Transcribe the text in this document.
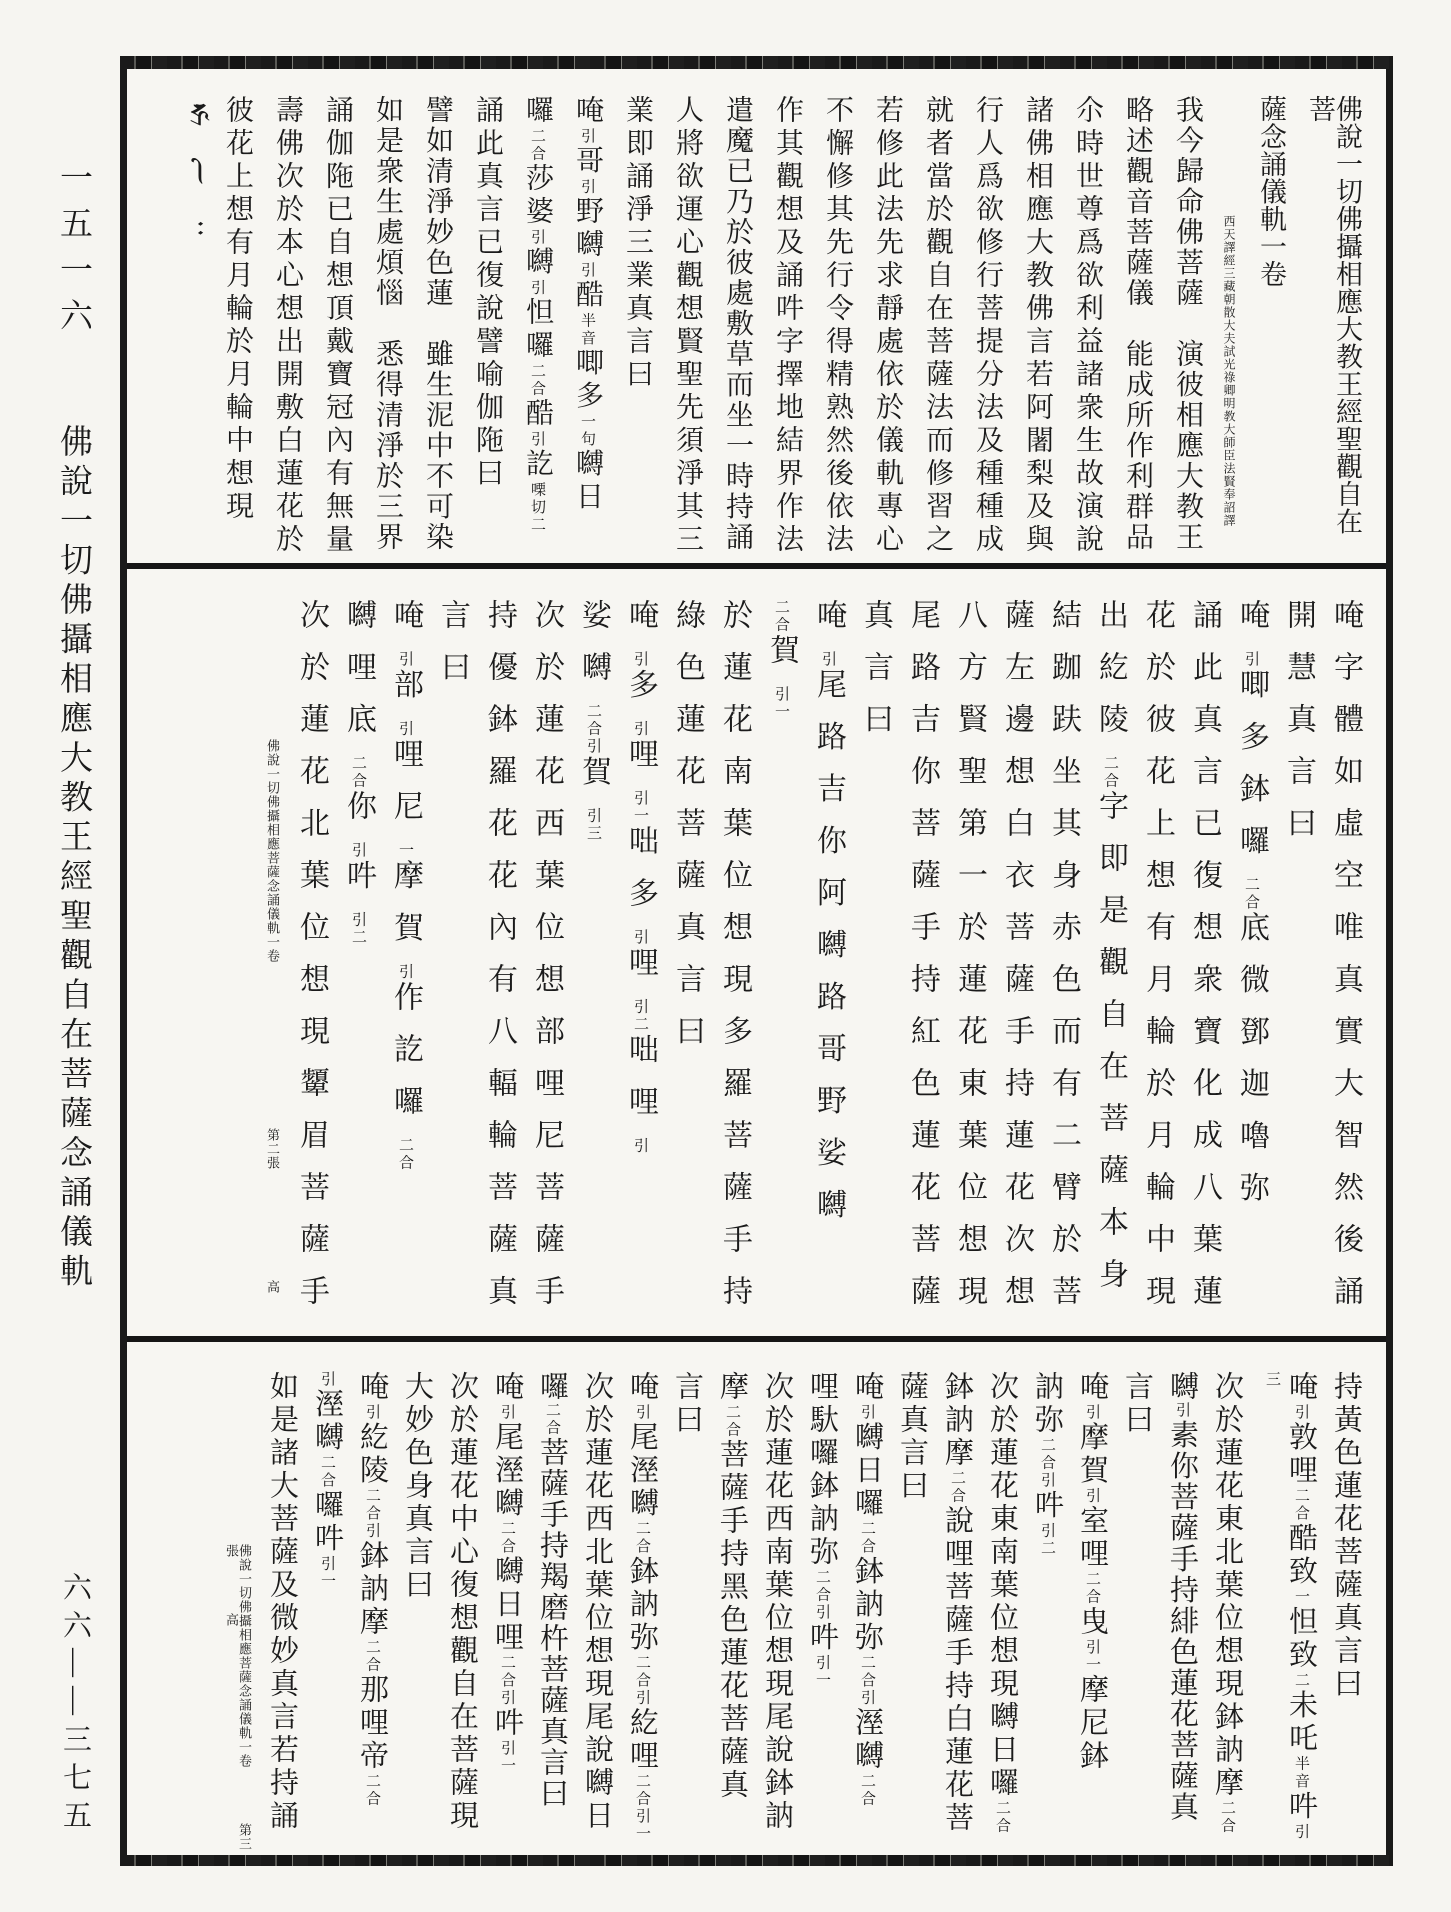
一五一六
佛說一切佛攝相應大教王經聖觀自在菩薩念誦儀軌
六六——三七五
佛說一切佛攝相應大教王經聖觀自在菩
薩念誦儀軌一卷
西天譯經三藏朝散大夫試光祿卿明教大師臣法賢奉詔譯
我今歸命佛菩薩　演彼相應大教王
略述觀音菩薩儀　能成所作利群品
尒時世尊爲欲利益諸衆生故演說
諸佛相應大教佛言若阿闍梨及與
行人爲欲修行菩提分法及種種成
就者當於觀自在菩薩法而修習之
若修此法先求靜處依於儀軌專心
不懈修其先行令得精熟然後依法
作其觀想及誦吽字擇地結界作法
遣魔已乃於彼處敷草而坐一時持誦
人將欲運心觀想賢聖先須淨其三
業即誦淨三業真言曰
唵引哥引野嚩引酷半音唧多一句嚩日
囉二合莎婆引嚩引怛囉二合酷引訖㗚切二
誦此真言已復說譬喻伽陁曰
譬如清淨妙色蓮　雖生泥中不可染
如是衆生處煩惱　悉得清淨於三界
誦伽陁已自想頂戴寶冠內有無量
壽佛次於本心想出開敷白蓮花於
彼花上想有月輪於月輪中想現𑖮𑖿𑖨𑖱𑖾
唵字體如虛空唯真實大智然後誦
開慧真言曰
唵引唧多鉢囉二合底微鄧迦嚕弥
誦此真言已復想衆寶化成八葉蓮
花於彼花上想有月輪於月輪中現
出紇陵二合字即是觀自在菩薩本身
結跏趺坐其身赤色而有二臂於菩
薩左邊想白衣菩薩手持蓮花次想
八方賢聖第一於蓮花東葉位想現
尾路吉你菩薩手持紅色蓮花菩薩
真言曰
唵引尾路吉你阿嚩路哥野娑嚩
二合賀引一
於蓮花南葉位想現多羅菩薩手持
綠色蓮花菩薩真言曰
唵引多引哩引一咄多引哩引二咄哩引
娑嚩二合引賀引三
次於蓮花西葉位想部哩尼菩薩手
持優鉢羅花花內有八輻輪菩薩真
言曰
唵引部引哩尼一摩賀引作訖囉二合
嚩哩底二合你引吽引二
次於蓮花北葉位想現顰眉菩薩手
佛說一切佛攝相應菩薩念誦儀軌一卷第二張高
持黃色蓮花菩薩真言曰
唵引敦哩二合酷致一怛致二未吒半音吽引三
次於蓮花東北葉位想現鉢訥摩二合
嚩引素你菩薩手持緋色蓮花菩薩真
言曰
唵引摩賀引室哩二合曳引一摩尼鉢
訥弥二合引吽引二
次於蓮花東南葉位想現嚩日囉二合
鉢訥摩二合說哩菩薩手持白蓮花菩
薩真言曰
唵引嚩日囉二合鉢訥弥二合引溼嚩二合
哩馱囉鉢訥弥二合引吽引一
次於蓮花西南葉位想現尾說鉢訥
摩二合菩薩手持黑色蓮花菩薩真
言曰
唵引尾溼嚩二合鉢訥弥二合引紇哩二合引一
次於蓮花西北葉位想現尾說嚩日
囉二合菩薩手持羯磨杵菩薩真言曰
唵引尾溼嚩二合嚩日哩二合引吽引一
次於蓮花中心復想觀自在菩薩現
大妙色身真言曰
唵引紇陵二合引鉢訥摩二合那哩帝二合
引溼嚩二合囉吽引一
如是諸大菩薩及微妙真言若持誦
佛說一切佛攝相應菩薩念誦儀軌一卷第三張高
